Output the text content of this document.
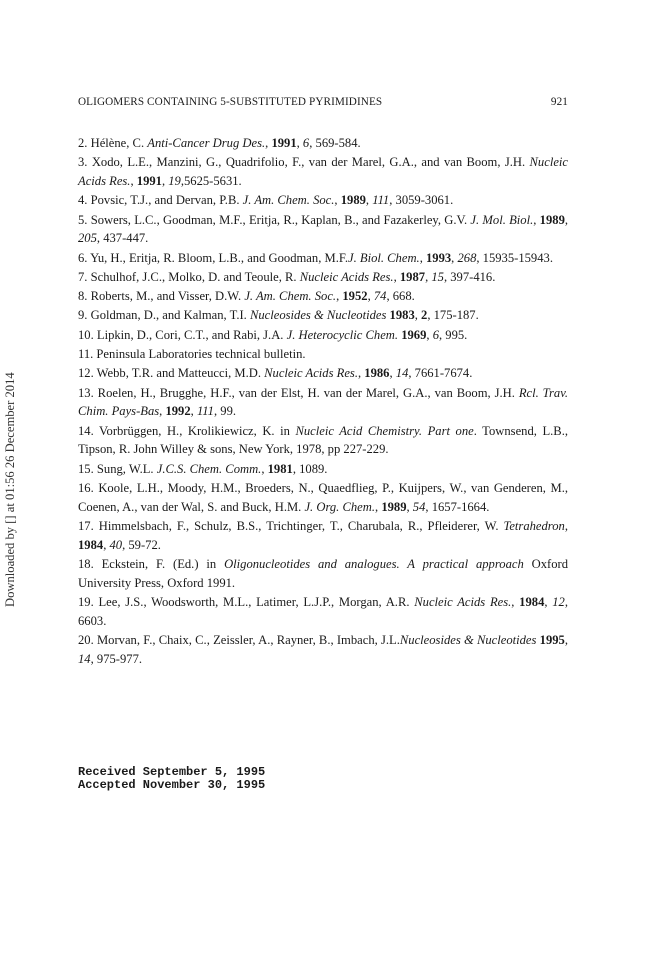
OLIGOMERS CONTAINING 5-SUBSTITUTED PYRIMIDINES	921
Downloaded by [] at 01:56 26 December 2014
2. Hélène, C. Anti-Cancer Drug Des., 1991, 6, 569-584.
3. Xodo, L.E., Manzini, G., Quadrifolio, F., van der Marel, G.A., and van Boom, J.H. Nucleic Acids Res., 1991, 19,5625-5631.
4. Povsic, T.J., and Dervan, P.B. J. Am. Chem. Soc., 1989, 111, 3059-3061.
5. Sowers, L.C., Goodman, M.F., Eritja, R., Kaplan, B., and Fazakerley, G.V. J. Mol. Biol., 1989, 205, 437-447.
6. Yu, H., Eritja, R. Bloom, L.B., and Goodman, M.F.J. Biol. Chem., 1993, 268, 15935-15943.
7. Schulhof, J.C., Molko, D. and Teoule, R. Nucleic Acids Res., 1987, 15, 397-416.
8. Roberts, M., and Visser, D.W. J. Am. Chem. Soc., 1952, 74, 668.
9. Goldman, D., and Kalman, T.I. Nucleosides & Nucleotides 1983, 2, 175-187.
10. Lipkin, D., Cori, C.T., and Rabi, J.A. J. Heterocyclic Chem. 1969, 6, 995.
11. Peninsula Laboratories technical bulletin.
12. Webb, T.R. and Matteucci, M.D. Nucleic Acids Res., 1986, 14, 7661-7674.
13. Roelen, H., Brugghe, H.F., van der Elst, H. van der Marel, G.A., van Boom, J.H. Rcl. Trav. Chim. Pays-Bas, 1992, 111, 99.
14. Vorbrüggen, H., Krolikiewicz, K. in Nucleic Acid Chemistry. Part one. Townsend, L.B., Tipson, R. John Willey & sons, New York, 1978, pp 227-229.
15. Sung, W.L. J.C.S. Chem. Comm., 1981, 1089.
16. Koole, L.H., Moody, H.M., Broeders, N., Quaedflieg, P., Kuijpers, W., van Genderen, M., Coenen, A., van der Wal, S. and Buck, H.M. J. Org. Chem., 1989, 54, 1657-1664.
17. Himmelsbach, F., Schulz, B.S., Trichtinger, T., Charubala, R., Pfleiderer, W. Tetrahedron, 1984, 40, 59-72.
18. Eckstein, F. (Ed.) in Oligonucleotides and analogues. A practical approach Oxford University Press, Oxford 1991.
19. Lee, J.S., Woodsworth, M.L., Latimer, L.J.P., Morgan, A.R. Nucleic Acids Res., 1984, 12, 6603.
20. Morvan, F., Chaix, C., Zeissler, A., Rayner, B., Imbach, J.L.Nucleosides & Nucleotides 1995, 14, 975-977.
Received September 5, 1995
Accepted November 30, 1995
